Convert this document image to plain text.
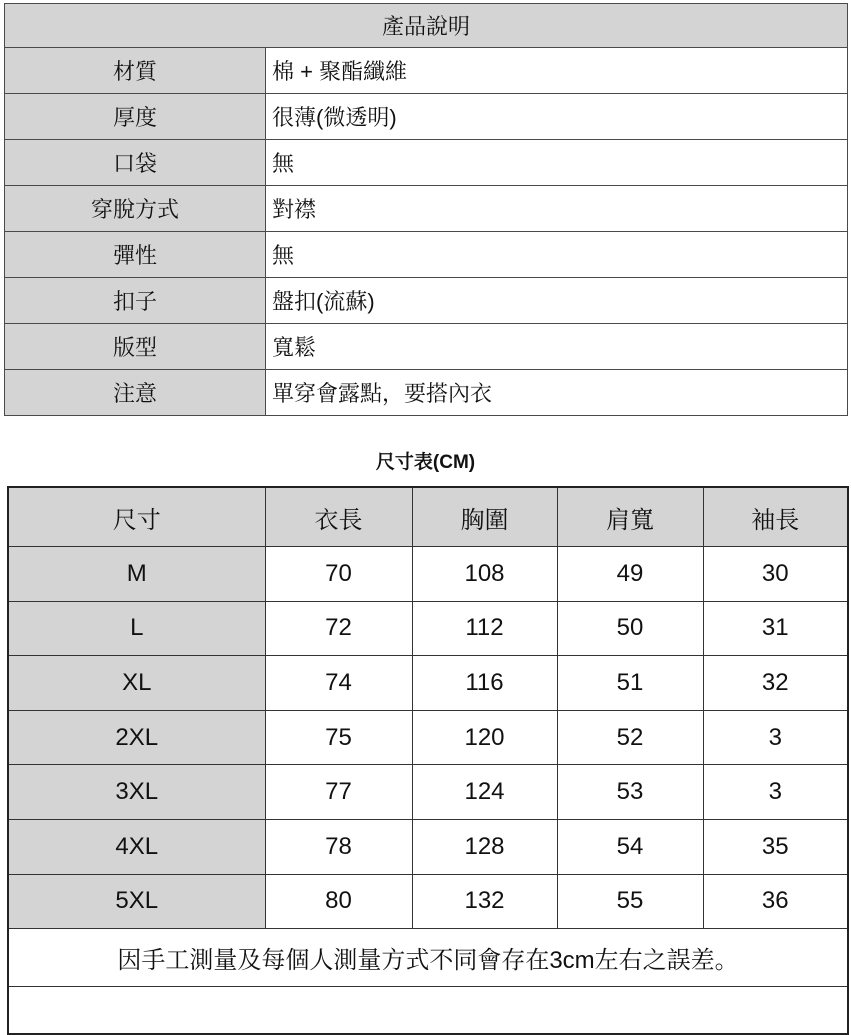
產品說明	
材質	棉 + 聚酯纖維
厚度	很薄(微透明)
口袋	無
穿脫方式	對襟
彈性	無
扣子	盤扣(流蘇)
版型	寬鬆
注意	單穿會露點，要搭內衣
尺寸表(CM)
尺寸	衣長	胸圍	肩寬	袖長
M	70	108	49	30
L	72	112	50	31
XL	74	116	51	32
2XL	75	120	52	3
3XL	77	124	53	3
4XL	78	128	54	35
5XL	80	132	55	36
因手工測量及每個人測量方式不同會存在3cm左右之誤差。				
